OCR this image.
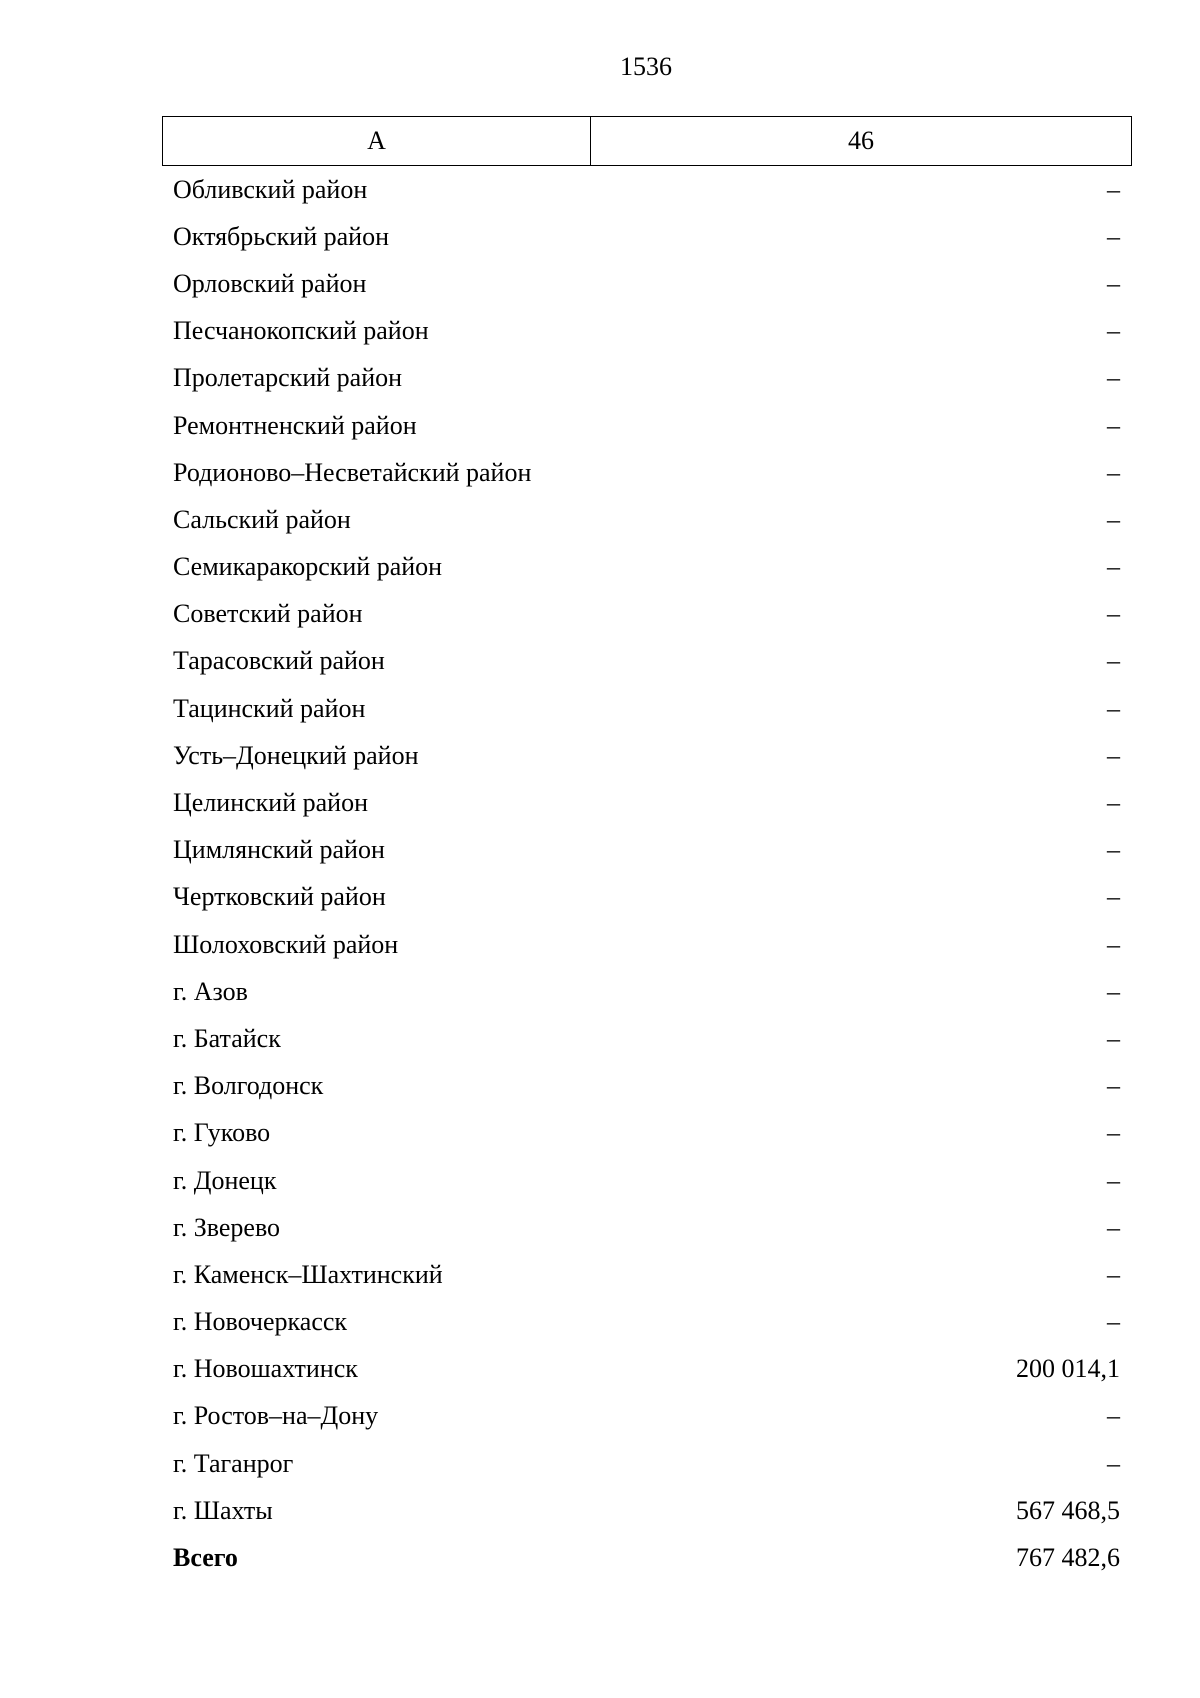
1536
А	46
Обливский район	–
Октябрьский район	–
Орловский район	–
Песчанокопский район	–
Пролетарский район	–
Ремонтненский район	–
Родионово–Несветайский район	–
Сальский район	–
Семикаракорский район	–
Советский район	–
Тарасовский район	–
Тацинский район	–
Усть–Донецкий район	–
Целинский район	–
Цимлянский район	–
Чертковский район	–
Шолоховский район	–
г. Азов	–
г. Батайск	–
г. Волгодонск	–
г. Гуково	–
г. Донецк	–
г. Зверево	–
г. Каменск–Шахтинский	–
г. Новочеркасск	–
г. Новошахтинск	200 014,1
г. Ростов–на–Дону	–
г. Таганрог	–
г. Шахты	567 468,5
Всего	767 482,6
